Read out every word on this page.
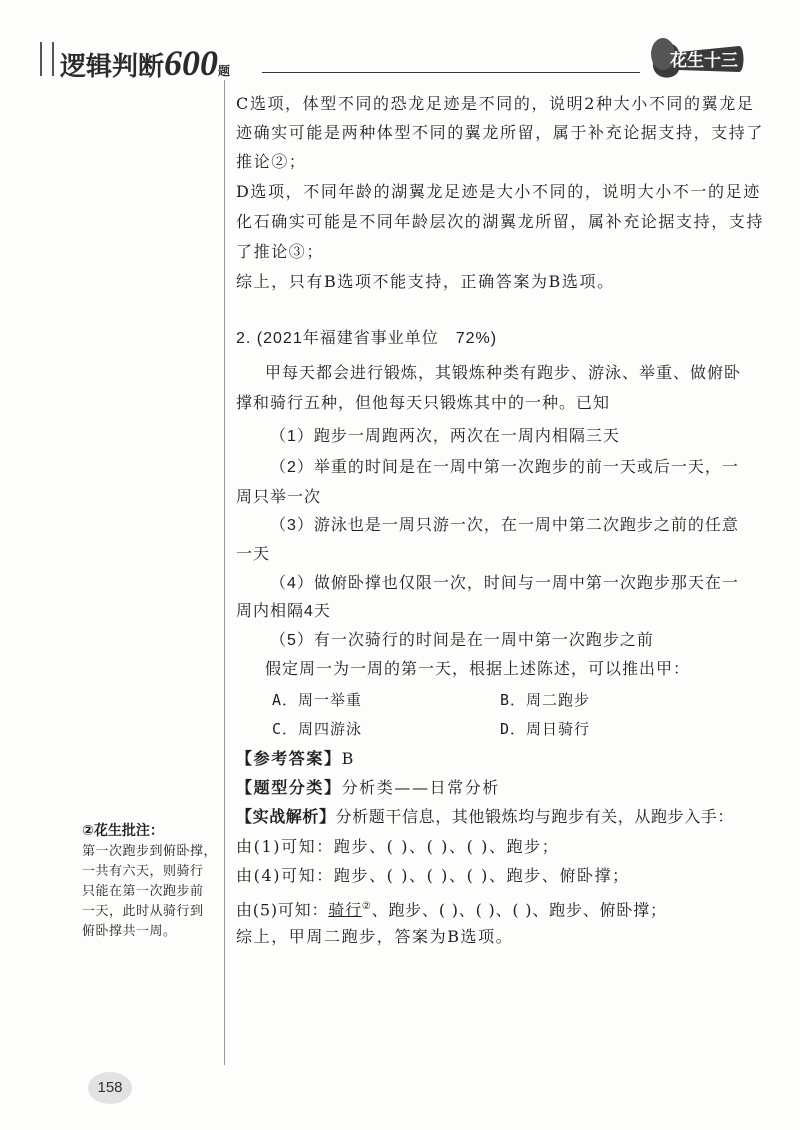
逻辑判断600题	花生十三
C选项，体型不同的恐龙足迹是不同的，说明2种大小不同的翼龙足
迹确实可能是两种体型不同的翼龙所留，属于补充论据支持，支持了
推论②；
D选项，不同年龄的湖翼龙足迹是大小不同的，说明大小不一的足迹
化石确实可能是不同年龄层次的湖翼龙所留，属补充论据支持，支持
了推论③；
综上，只有B选项不能支持，正确答案为B选项。
2. (2021年福建省事业单位　72%)
甲每天都会进行锻炼，其锻炼种类有跑步、游泳、举重、做俯卧
撑和骑行五种，但他每天只锻炼其中的一种。已知
（1）跑步一周跑两次，两次在一周内相隔三天
（2）举重的时间是在一周中第一次跑步的前一天或后一天，一
周只举一次
（3）游泳也是一周只游一次，在一周中第二次跑步之前的任意
一天
（4）做俯卧撑也仅限一次，时间与一周中第一次跑步那天在一
周内相隔4天
（5）有一次骑行的时间是在一周中第一次跑步之前
假定周一为一周的第一天，根据上述陈述，可以推出甲：
A．周一举重	B．周二跑步
C．周四游泳	D．周日骑行
【参考答案】B
【题型分类】分析类——日常分析
【实战解析】分析题干信息，其他锻炼均与跑步有关，从跑步入手：
由(1)可知：跑步、( )、( )、( )、跑步；
由(4)可知：跑步、( )、( )、( )、跑步、俯卧撑；
由(5)可知：骑行②、跑步、( )、( )、( )、跑步、俯卧撑；
综上，甲周二跑步，答案为B选项。
②花生批注：
第一次跑步到俯卧撑，
一共有六天，则骑行
只能在第一次跑步前
一天，此时从骑行到
俯卧撑共一周。
158
